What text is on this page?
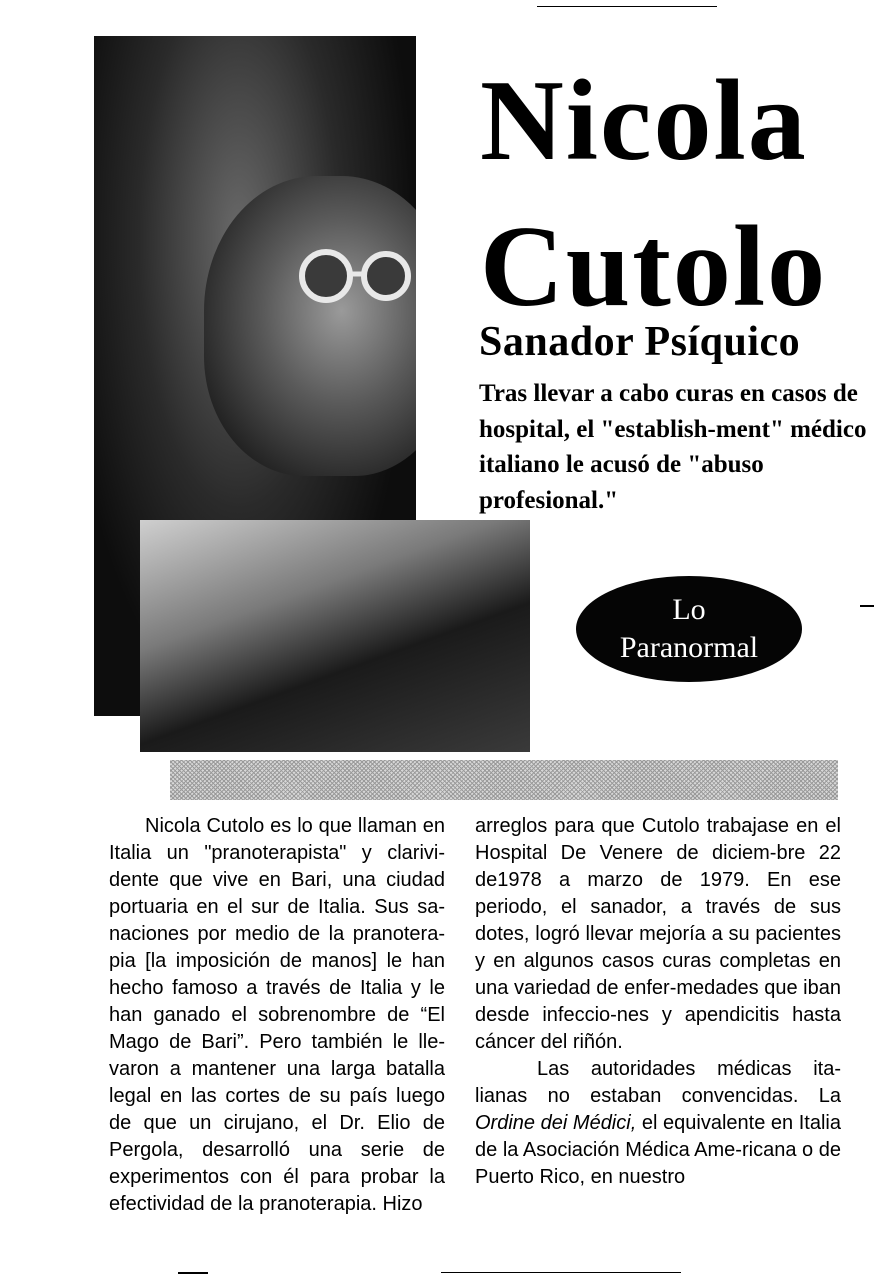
Nicola
Cutolo
Sanador Psíquico
Tras llevar a cabo curas en casos de hospital, el "establish-ment" médico italiano le acusó de "abuso profesional."
Lo
Paranormal

Nicola Cutolo es lo que llaman en Italia un "pranoterapista" y clarivi-dente que vive en Bari, una ciudad portuaria en el sur de Italia. Sus sa-naciones por medio de la pranotera-pia [la imposición de manos] le han hecho famoso a través de Italia y le han ganado el sobrenombre de “El Mago de Bari”. Pero también le lle-varon a mantener una larga batalla legal en las cortes de su país luego de que un cirujano, el Dr. Elio de Pergola, desarrolló una serie de experimentos con él para probar la efectividad de la pranoterapia. Hizo

arreglos para que Cutolo trabajase en el Hospital De Venere de diciem-bre 22 de1978 a marzo de 1979. En ese periodo, el sanador, a través de sus dotes, logró llevar mejoría a su pacientes y en algunos casos curas completas en una variedad de enfer-medades que iban desde infeccio-nes y apendicitis hasta cáncer del riñón.

Las autoridades médicas ita-lianas no estaban convencidas. La Ordine dei Médici, el equivalente en Italia de la Asociación Médica Ame-ricana o de Puerto Rico, en nuestro
